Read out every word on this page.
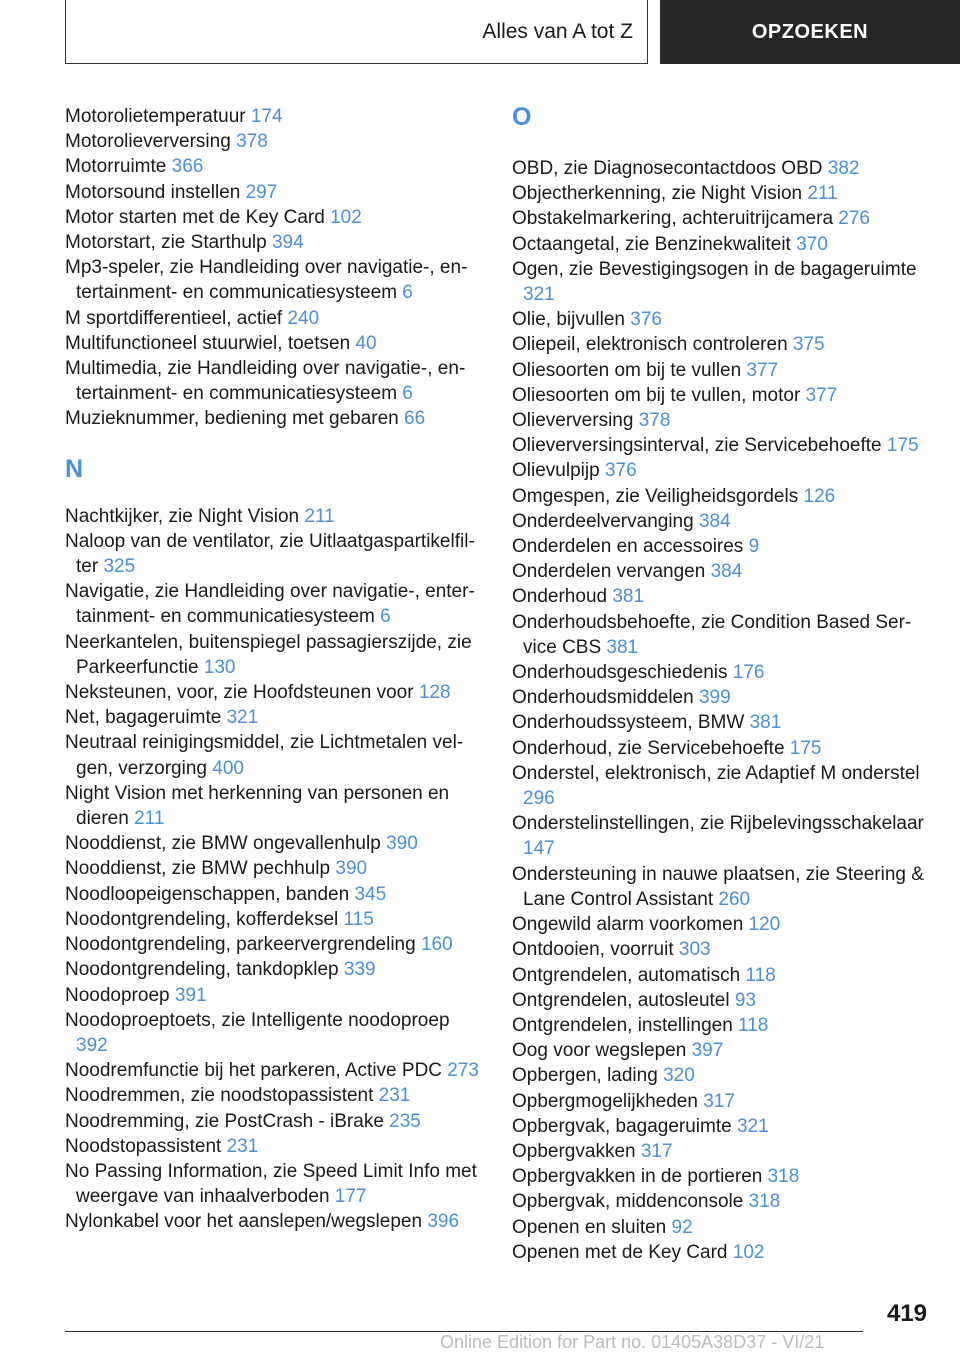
Alles van A tot Z	OPZOEKEN

Motorolietemperatuur 174

Motorolieverversing 378

Motorruimte 366

Motorsound instellen 297

Motor starten met de Key Card 102

Motorstart, zie Starthulp 394

Mp3-speler, zie Handleiding over navigatie-, entertainment- en communicatiesysteem 6

M sportdifferentieel, actief 240

Multifunctioneel stuurwiel, toetsen 40

Multimedia, zie Handleiding over navigatie-, entertainment- en communicatiesysteem 6

Muzieknummer, bediening met gebaren 66

N

Nachtkijker, zie Night Vision 211

Naloop van de ventilator, zie Uitlaatgaspartikelfilter 325

Navigatie, zie Handleiding over navigatie-, entertainment- en communicatiesysteem 6

Neerkantelen, buitenspiegel passagierszijde, zie Parkeerfunctie 130

Neksteunen, voor, zie Hoofdsteunen voor 128

Net, bagageruimte 321

Neutraal reinigingsmiddel, zie Lichtmetalen velgen, verzorging 400

Night Vision met herkenning van personen en dieren 211

Nooddienst, zie BMW ongevallenhulp 390

Nooddienst, zie BMW pechhulp 390

Noodloopeigenschappen, banden 345

Noodontgrendeling, kofferdeksel 115

Noodontgrendeling, parkeervergrendeling 160

Noodontgrendeling, tankdopklep 339

Noodoproep 391

Noodoproeptoets, zie Intelligente noodoproep 392

Noodremfunctie bij het parkeren, Active PDC 273

Noodremmen, zie noodstopassistent 231

Noodremming, zie PostCrash - iBrake 235

Noodstopassistent 231

No Passing Information, zie Speed Limit Info met weergave van inhaalverboden 177

Nylonkabel voor het aanslepen/wegslepen 396

O

OBD, zie Diagnosecontactdoos OBD 382

Objectherkenning, zie Night Vision 211

Obstakelmarkering, achteruitrijcamera 276

Octaangetal, zie Benzinekwaliteit 370

Ogen, zie Bevestigingsogen in de bagageruimte 321

Olie, bijvullen 376

Oliepeil, elektronisch controleren 375

Oliesoorten om bij te vullen 377

Oliesoorten om bij te vullen, motor 377

Olieverversing 378

Olieverversingsinterval, zie Servicebehoefte 175

Olievulpijp 376

Omgespen, zie Veiligheidsgordels 126

Onderdeelvervanging 384

Onderdelen en accessoires 9

Onderdelen vervangen 384

Onderhoud 381

Onderhoudsbehoefte, zie Condition Based Service CBS 381

Onderhoudsgeschiedenis 176

Onderhoudsmiddelen 399

Onderhoudssysteem, BMW 381

Onderhoud, zie Servicebehoefte 175

Onderstel, elektronisch, zie Adaptief M onderstel 296

Onderstelinstellingen, zie Rijbelevingsschakelaar 147

Ondersteuning in nauwe plaatsen, zie Steering & Lane Control Assistant 260

Ongewild alarm voorkomen 120

Ontdooien, voorruit 303

Ontgrendelen, automatisch 118

Ontgrendelen, autosleutel 93

Ontgrendelen, instellingen 118

Oog voor wegslepen 397

Opbergen, lading 320

Opbergmogelijkheden 317

Opbergvak, bagageruimte 321

Opbergvakken 317

Opbergvakken in de portieren 318

Opbergvak, middenconsole 318

Openen en sluiten 92

Openen met de Key Card 102

419
Online Edition for Part no. 01405A38D37 - VI/21
